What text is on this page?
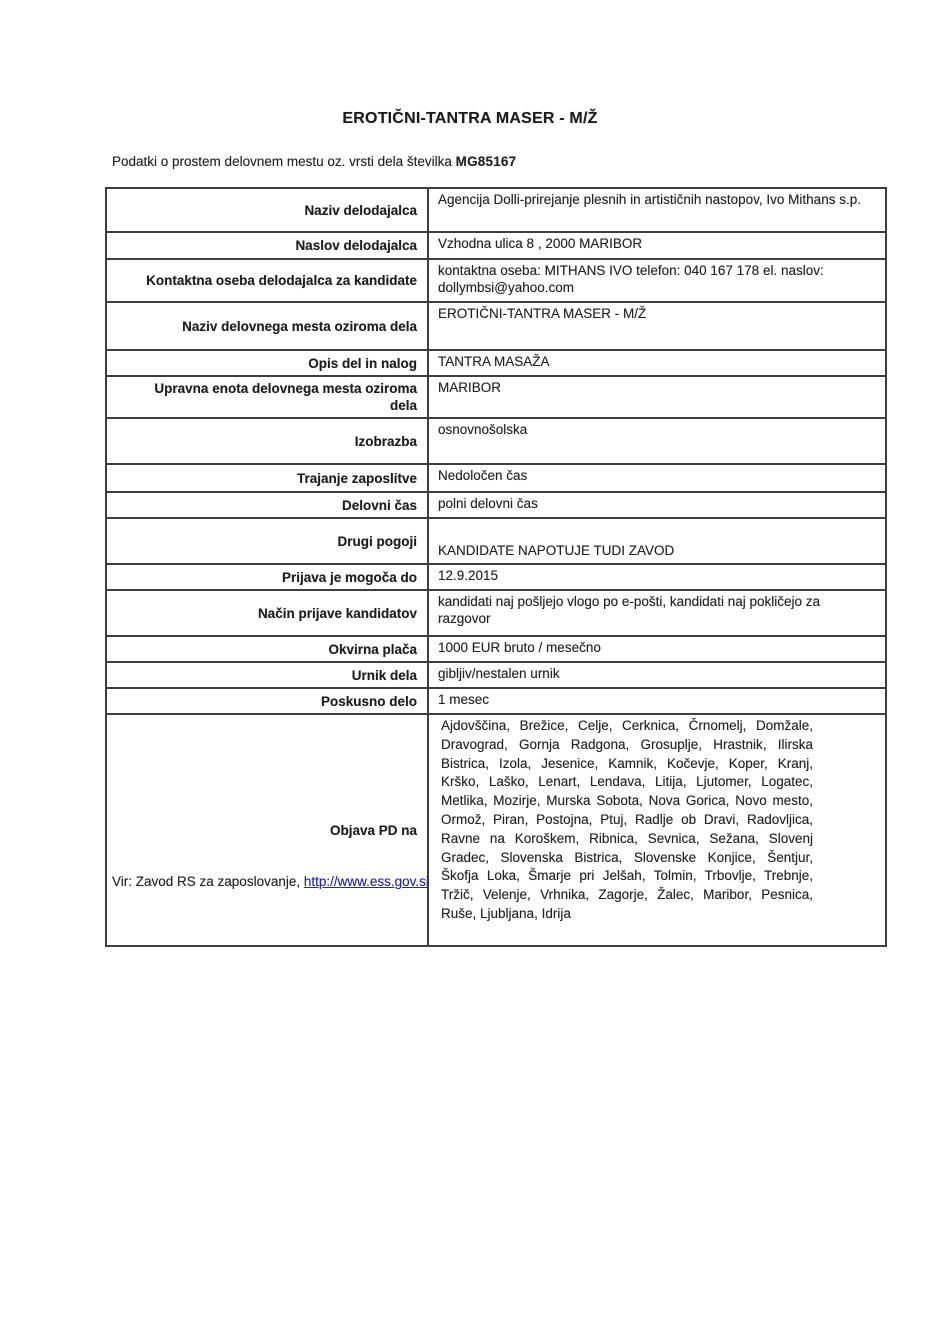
EROTIČNI-TANTRA MASER - M/Ž
Podatki o prostem delovnem mestu oz. vrsti dela številka MG85167
Naziv delodajalca	Agencija Dolli-prirejanje plesnih in artističnih nastopov, Ivo Mithans s.p.
Naslov delodajalca	Vzhodna ulica 8 , 2000 MARIBOR
Kontaktna oseba delodajalca za kandidate	kontaktna oseba: MITHANS IVO telefon: 040 167 178 el. naslov: dollymbsi@yahoo.com
Naziv delovnega mesta oziroma dela	EROTIČNI-TANTRA MASER - M/Ž
Opis del in nalog	TANTRA MASAŽA
Upravna enota delovnega mesta oziroma dela	MARIBOR
Izobrazba	osnovnošolska
Trajanje zaposlitve	Nedoločen čas
Delovni čas	polni delovni čas
Drugi pogoji	KANDIDATE NAPOTUJE TUDI ZAVOD
Prijava je mogoča do	12.9.2015
Način prijave kandidatov	kandidati naj pošljejo vlogo po e-pošti, kandidati naj pokličejo za razgovor
Okvirna plača	1000 EUR bruto / mesečno
Urnik dela	gibljiv/nestalen urnik
Poskusno delo	1 mesec
Objava PD na	Ajdovščina, Brežice, Celje, Cerknica, Črnomelj, Domžale, Dravograd, Gornja Radgona, Grosuplje, Hrastnik, Ilirska Bistrica, Izola, Jesenice, Kamnik, Kočevje, Koper, Kranj, Krško, Laško, Lenart, Lendava, Litija, Ljutomer, Logatec, Metlika, Mozirje, Murska Sobota, Nova Gorica, Novo mesto, Ormož, Piran, Postojna, Ptuj, Radlje ob Dravi, Radovljica, Ravne na Koroškem, Ribnica, Sevnica, Sežana, Slovenj Gradec, Slovenska Bistrica, Slovenske Konjice, Šentjur, Škofja Loka, Šmarje pri Jelšah, Tolmin, Trbovlje, Trebnje, Tržič, Velenje, Vrhnika, Zagorje, Žalec, Maribor, Pesnica, Ruše, Ljubljana, Idrija
Vir: Zavod RS za zaposlovanje, http://www.ess.gov.si
